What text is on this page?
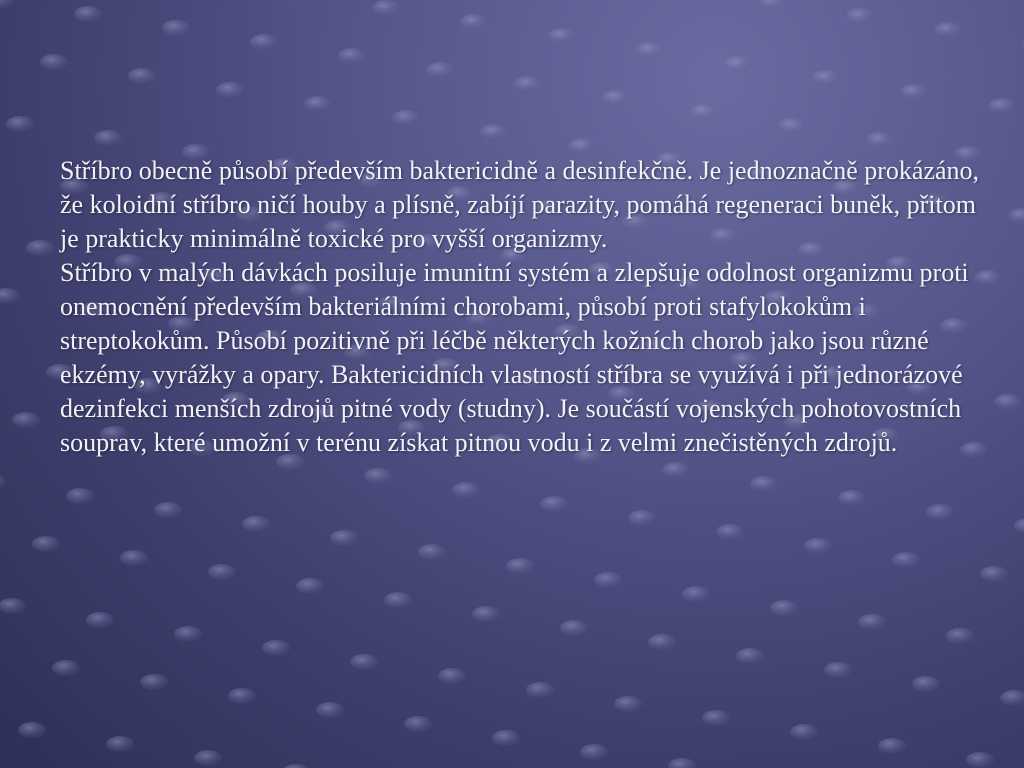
Stříbro obecně působí především baktericidně a desinfekčně. Je jednoznačně prokázáno, že koloidní stříbro ničí houby a plísně, zabíjí parazity, pomáhá regeneraci buněk, přitom je prakticky minimálně toxické pro vyšší organizmy.

Stříbro v malých dávkách posiluje imunitní systém a zlepšuje odolnost organizmu proti onemocnění především bakteriálními chorobami, působí proti stafylokokům i streptokokům. Působí pozitivně při léčbě některých kožních chorob jako jsou různé ekzémy, vyrážky a opary. Baktericidních vlastností stříbra se využívá i při jednorázové dezinfekci menších zdrojů pitné vody (studny). Je součástí vojenských pohotovostních souprav, které umožní v terénu získat pitnou vodu i z velmi znečistěných zdrojů.
